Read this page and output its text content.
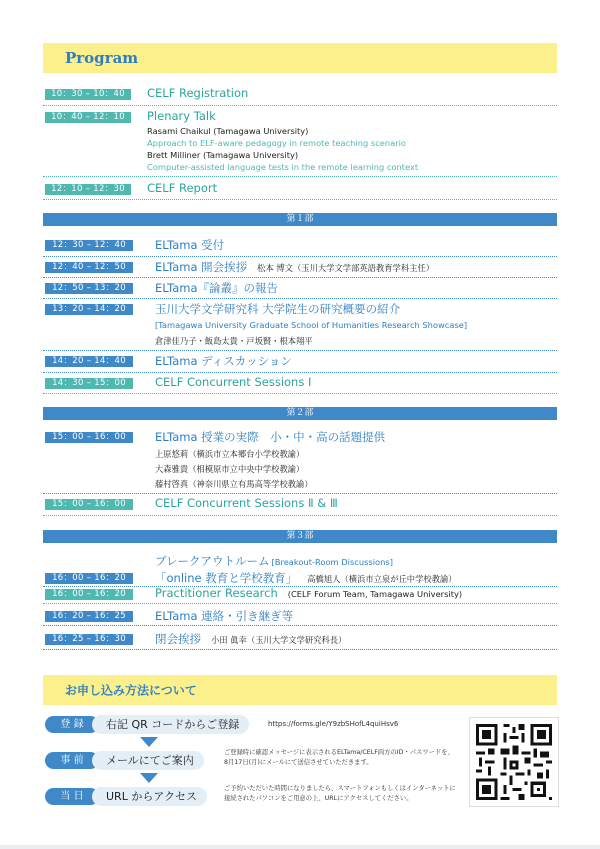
Program
10：30 – 10：40	CELF Registration
10：40 – 12：10	Plenary Talk
Rasami Chaikul (Tamagawa University)
Approach to ELF-aware pedagogy in remote teaching scenario
Brett Milliner (Tamagawa University)
Computer-assisted language tests in the remote learning context
12：10 – 12：30	CELF Report
第１部
12：30 – 12：40	ELTama 受付
12：40 – 12：50	ELTama 開会挨拶 松本 博文（玉川大学文学部英語教育学科主任）
12：50 – 13：20	ELTama『論叢』の報告
13：20 – 14：20	玉川大学文学研究科 大学院生の研究概要の紹介
[Tamagawa University Graduate School of Humanities Research Showcase]
倉津佳乃子・飯島太貴・戸坂賢・根本翔平
14：20 – 14：40	ELTama ディスカッション
14：30 – 15：00	CELF Concurrent Sessions Ⅰ
第２部
15：00 – 16：00	ELTama 授業の実際　小・中・高の話題提供
上原悠莉（横浜市立本郷台小学校教諭）
大森雅貴（相模原市立中央中学校教諭）
藤村啓真（神奈川県立有馬高等学校教諭）
15：00 – 16：00	CELF Concurrent Sessions Ⅱ & Ⅲ
第３部
ブレークアウトルーム [Breakout-Room Discussions]
16：00 – 16：20	「online 教育と学校教育」 高橋旭人（横浜市立泉が丘中学校教諭）
16：00 – 16：20	Practitioner Research (CELF Forum Team, Tamagawa University)
16：20 – 16：25	ELTama 連絡・引き継ぎ等
16：25 – 16：30	閉会挨拶 小田 眞幸（玉川大学文学研究科長）
お申し込み方法について
登 録	右記 QR コードからご登録	https://forms.gle/Y9zbSHofL4quiHsv6
事 前	メールにてご案内
ご登録時に確認メッセージに表示されるELTama/CELF両方のID・パスワードを、
8月17日(月)にメールにて送信させていただきます。
当 日	URL からアクセス
ご予約いただいた時間になりましたら、スマートフォンもしくはインターネットに
接続されたパソコンをご用意の上、URLにアクセスしてください。
